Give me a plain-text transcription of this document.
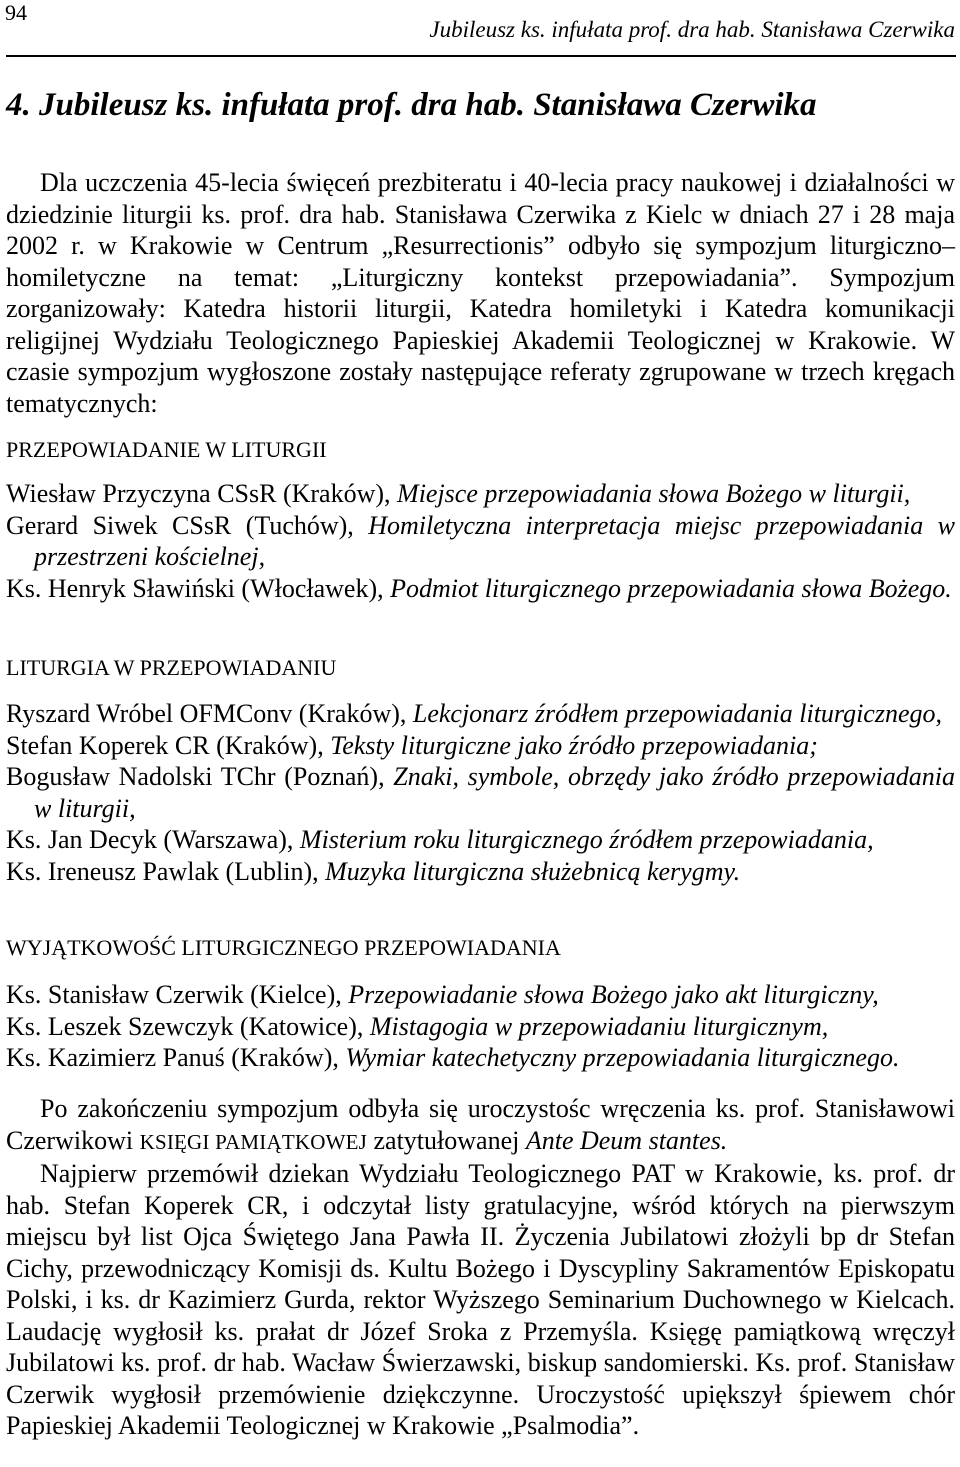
94
Jubileusz ks. infułata prof. dra hab. Stanisława Czerwika
4. Jubileusz ks. infułata prof. dra hab. Stanisława Czerwika

Dla uczczenia 45-lecia święceń prezbiteratu i 40-lecia pracy naukowej i działalności w dziedzinie liturgii ks. prof. dra hab. Stanisława Czerwika z Kielc w dniach 27 i 28 maja 2002 r. w Krakowie w Centrum „Resurrectionis” odbyło się sympozjum liturgiczno–homiletyczne na temat: „Liturgiczny kontekst przepowiadania”. Sympozjum zorganizowały: Katedra historii liturgii, Katedra homiletyki i Katedra komunikacji religijnej Wydziału Teologicznego Papieskiej Akademii Teologicznej w Krakowie. W czasie sympozjum wygłoszone zostały następujące referaty zgrupowane w trzech kręgach tematycznych:

PRZEPOWIADANIE W LITURGII
Wiesław Przyczyna CSsR (Kraków), Miejsce przepowiadania słowa Bożego w liturgii,
Gerard Siwek CSsR (Tuchów), Homiletyczna interpretacja miejsc przepowiadania w przestrzeni kościelnej,
Ks. Henryk Sławiński (Włocławek), Podmiot liturgicznego przepowiadania słowa Bożego.
LITURGIA W PRZEPOWIADANIU
Ryszard Wróbel OFMConv (Kraków), Lekcjonarz źródłem przepowiadania liturgicznego,
Stefan Koperek CR (Kraków), Teksty liturgiczne jako źródło przepowiadania;
Bogusław Nadolski TChr (Poznań), Znaki, symbole, obrzędy jako źródło przepowiadania w liturgii,
Ks. Jan Decyk (Warszawa), Misterium roku liturgicznego źródłem przepowiadania,
Ks. Ireneusz Pawlak (Lublin), Muzyka liturgiczna służebnicą kerygmy.
WYJĄTKOWOŚĆ LITURGICZNEGO PRZEPOWIADANIA
Ks. Stanisław Czerwik (Kielce), Przepowiadanie słowa Bożego jako akt liturgiczny,
Ks. Leszek Szewczyk (Katowice), Mistagogia w przepowiadaniu liturgicznym,
Ks. Kazimierz Panuś (Kraków), Wymiar katechetyczny przepowiadania liturgicznego.

Po zakończeniu sympozjum odbyła się uroczystośc wręczenia ks. prof. Stanisławowi Czerwikowi KSIĘGI PAMIĄTKOWEJ zatytułowanej Ante Deum stantes.

Najpierw przemówił dziekan Wydziału Teologicznego PAT w Krakowie, ks. prof. dr hab. Stefan Koperek CR, i odczytał listy gratulacyjne, wśród których na pierwszym miejscu był list Ojca Świętego Jana Pawła II. Życzenia Jubilatowi złożyli bp dr Stefan Cichy, przewodniczący Komisji ds. Kultu Bożego i Dyscypliny Sakramentów Episkopatu Polski, i ks. dr Kazimierz Gurda, rektor Wyższego Seminarium Duchownego w Kielcach. Laudację wygłosił ks. prałat dr Józef Sroka z Przemyśla. Księgę pamiątkową wręczył Jubilatowi ks. prof. dr hab. Wacław Świerzawski, biskup sandomierski. Ks. prof. Stanisław Czerwik wygłosił przemówienie dziękczynne. Uroczystość upiększył śpiewem chór Papieskiej Akademii Teologicznej w Krakowie „Psalmodia”.
